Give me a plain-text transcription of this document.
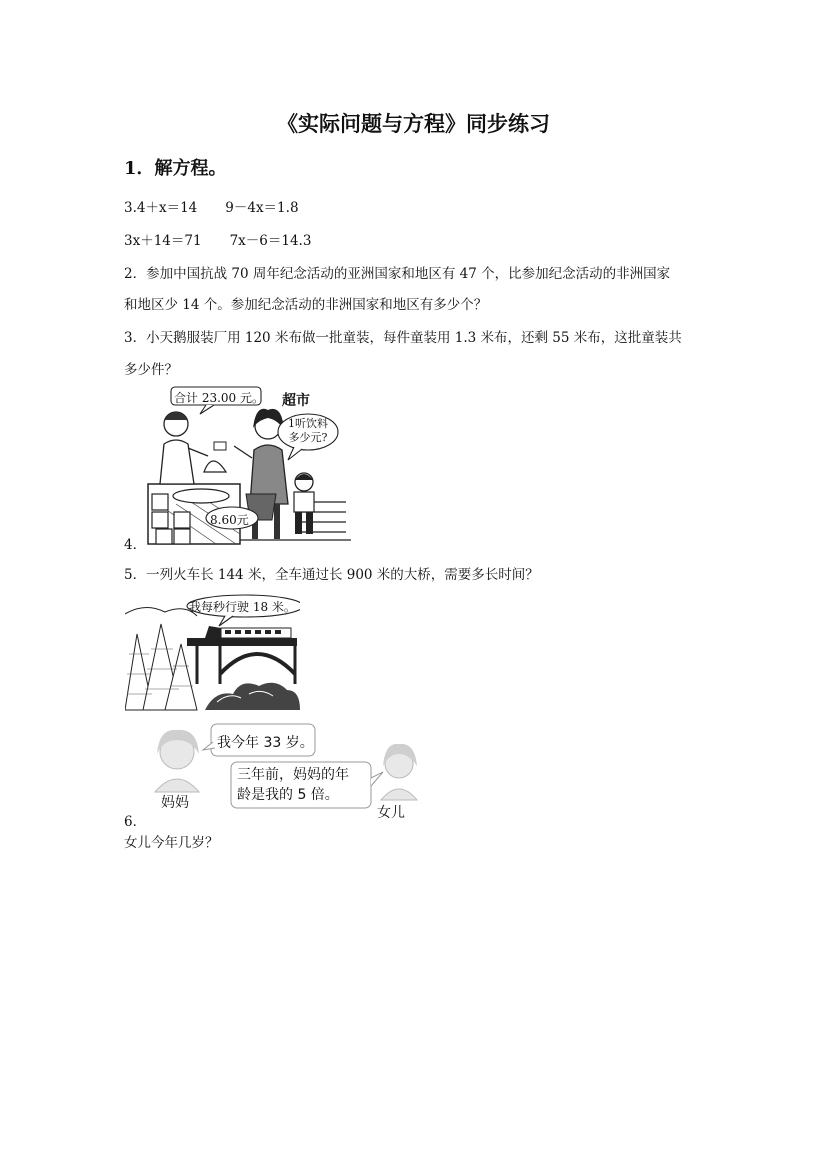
《实际问题与方程》同步练习
1．解方程。
3.4＋x＝14 9－4x＝1.8
3x＋14＝71 7x－6＝14.3
2．参加中国抗战 70 周年纪念活动的亚洲国家和地区有 47 个，比参加纪念活动的非洲国家
和地区少 14 个。参加纪念活动的非洲国家和地区有多少个？
3．小天鹅服装厂用 120 米布做一批童装，每件童装用 1.3 米布，还剩 55 米布，这批童装共
多少件？
4．
合计 23.00 元。 超市
1听饮料
多少元?
8.60元
5．一列火车长 144 米，全车通过长 900 米的大桥，需要多长时间？
我每秒行驶 18 米。
我今年 33 岁。
三年前，妈妈的年
龄是我的 5 倍。
妈妈
女儿
6．
女儿今年几岁？
